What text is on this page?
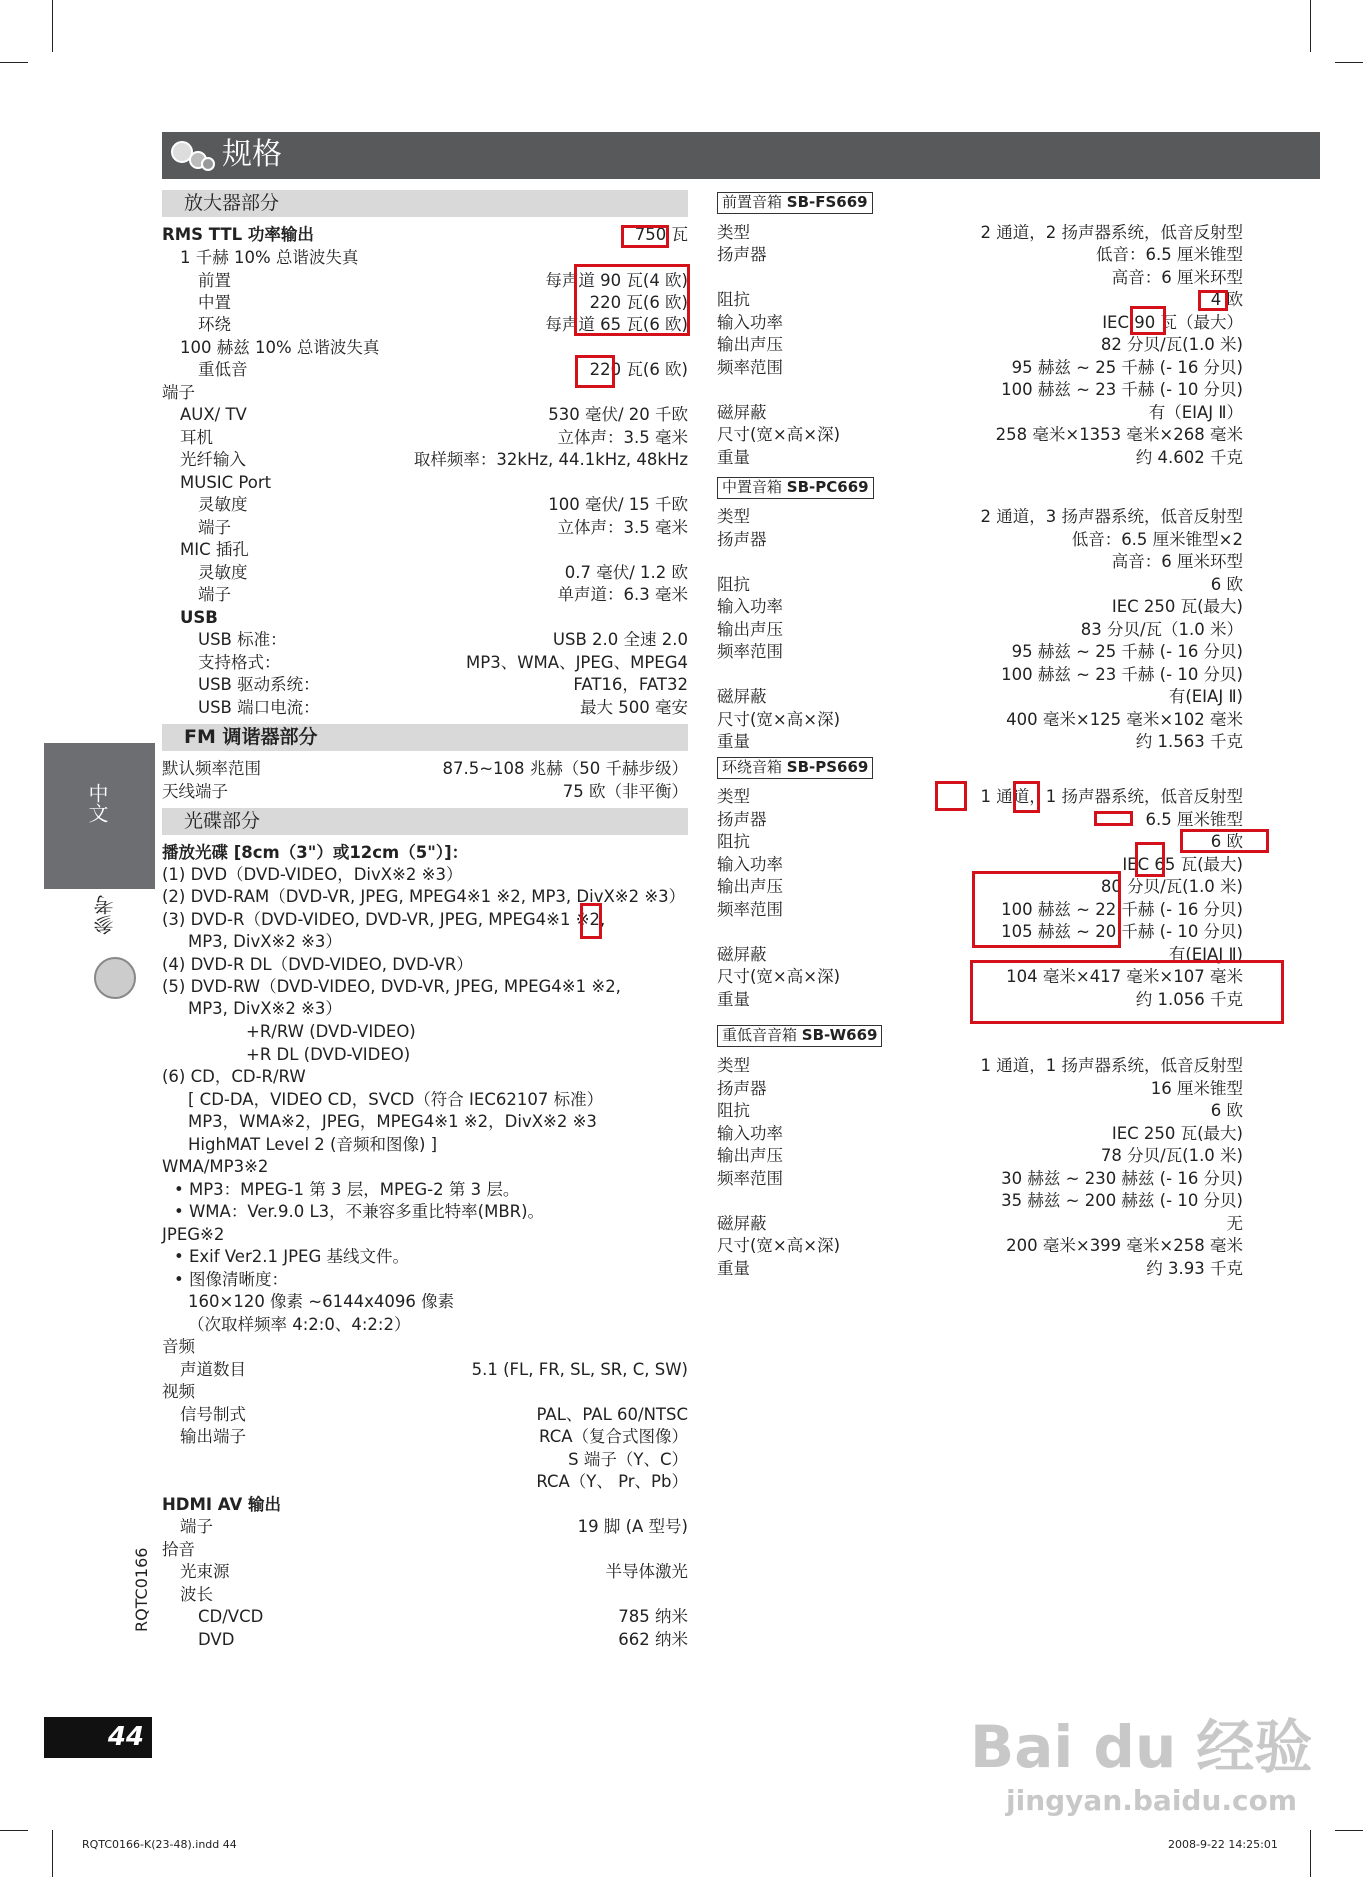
规格
放大器部分
RMS TTL 功率输出	750 瓦
1 千赫 10% 总谐波失真
前置	每声道 90 瓦(4 欧)
中置	220 瓦(6 欧)
环绕	每声道 65 瓦(6 欧)
100 赫兹 10% 总谐波失真
重低音	220 瓦(6 欧)
端子
AUX/ TV	530 毫伏/ 20 千欧
耳机	立体声：3.5 毫米
光纤输入	取样频率：32kHz, 44.1kHz, 48kHz
MUSIC Port
灵敏度	100 毫伏/ 15 千欧
端子	立体声：3.5 毫米
MIC 插孔
灵敏度	0.7 毫伏/ 1.2 欧
端子	单声道：6.3 毫米
USB
USB 标准：	USB 2.0 全速 2.0
支持格式：	MP3、WMA、JPEG、MPEG4
USB 驱动系统：	FAT16，FAT32
USB 端口电流：	最大 500 毫安
FM 调谐器部分
默认频率范围	87.5~108 兆赫（50 千赫步级）
天线端子	75 欧（非平衡）
光碟部分
播放光碟 [8cm（3"）或12cm（5"）]：
(1) DVD（DVD-VIDEO，DivX※2 ※3）
(2) DVD-RAM（DVD-VR, JPEG, MPEG4※1 ※2, MP3, DivX※2 ※3）
(3) DVD-R（DVD-VIDEO, DVD-VR, JPEG, MPEG4※1 ※2,
MP3, DivX※2 ※3）
(4) DVD-R DL（DVD-VIDEO, DVD-VR）
(5) DVD-RW（DVD-VIDEO, DVD-VR, JPEG, MPEG4※1 ※2,
MP3, DivX※2 ※3）
+R/RW (DVD-VIDEO)
+R DL (DVD-VIDEO)
(6) CD，CD-R/RW
[ CD-DA，VIDEO CD，SVCD（符合 IEC62107 标准）
MP3，WMA※2，JPEG，MPEG4※1 ※2，DivX※2 ※3
HighMAT Level 2 (音频和图像) ]
WMA/MP3※2
• MP3：MPEG-1 第 3 层，MPEG-2 第 3 层。
• WMA：Ver.9.0 L3，不兼容多重比特率(MBR)。
JPEG※2
• Exif Ver2.1 JPEG 基线文件。
• 图像清晰度：
160×120 像素 ~6144x4096 像素
（次取样频率 4:2:0、4:2:2）
音频
声道数目	5.1 (FL, FR, SL, SR, C, SW)
视频
信号制式	PAL、PAL 60/NTSC
输出端子	RCA（复合式图像）
S 端子（Y、C）
RCA（Y、 Pr、Pb）
HDMI AV 输出
端子	19 脚 (A 型号)
拾音
光束源	半导体激光
波长
CD/VCD	785 纳米
DVD	662 纳米
前置音箱 SB-FS669
类型	2 通道，2 扬声器系统，低音反射型
扬声器	低音：6.5 厘米锥型
高音：6 厘米环型
阻抗	4 欧
输入功率	IEC 90 瓦（最大）
输出声压	82 分贝/瓦(1.0 米)
频率范围	95 赫兹 ~ 25 千赫 (- 16 分贝)
100 赫兹 ~ 23 千赫 (- 10 分贝)
磁屏蔽	有（EIAJ Ⅱ）
尺寸(宽×高×深)	258 毫米×1353 毫米×268 毫米
重量	约 4.602 千克
中置音箱 SB-PC669
类型	2 通道，3 扬声器系统，低音反射型
扬声器	低音：6.5 厘米锥型×2
高音：6 厘米环型
阻抗	6 欧
输入功率	IEC 250 瓦(最大)
输出声压	83 分贝/瓦（1.0 米）
频率范围	95 赫兹 ~ 25 千赫 (- 16 分贝)
100 赫兹 ~ 23 千赫 (- 10 分贝)
磁屏蔽	有(EIAJ Ⅱ)
尺寸(宽×高×深)	400 毫米×125 毫米×102 毫米
重量	约 1.563 千克
环绕音箱 SB-PS669
类型	1 通道，1 扬声器系统，低音反射型
扬声器	6.5 厘米锥型
阻抗	6 欧
输入功率	IEC 65 瓦(最大)
输出声压	80 分贝/瓦(1.0 米)
频率范围	100 赫兹 ~ 22 千赫 (- 16 分贝)
105 赫兹 ~ 20 千赫 (- 10 分贝)
磁屏蔽	有(EIAJ Ⅱ)
尺寸(宽×高×深)	104 毫米×417 毫米×107 毫米
重量	约 1.056 千克
重低音音箱 SB-W669
类型	1 通道，1 扬声器系统，低音反射型
扬声器	16 厘米锥型
阻抗	6 欧
输入功率	IEC 250 瓦(最大)
输出声压	78 分贝/瓦(1.0 米)
频率范围	30 赫兹 ~ 230 赫兹 (- 16 分贝)
35 赫兹 ~ 200 赫兹 (- 10 分贝)
磁屏蔽	无
尺寸(宽×高×深)	200 毫米×399 毫米×258 毫米
重量	约 3.93 千克
中文
参考
RQTC0166
44
RQTC0166-K(23-48).indd 44	2008-9-22 14:25:01
Bai du 经验
jingyan.baidu.com
